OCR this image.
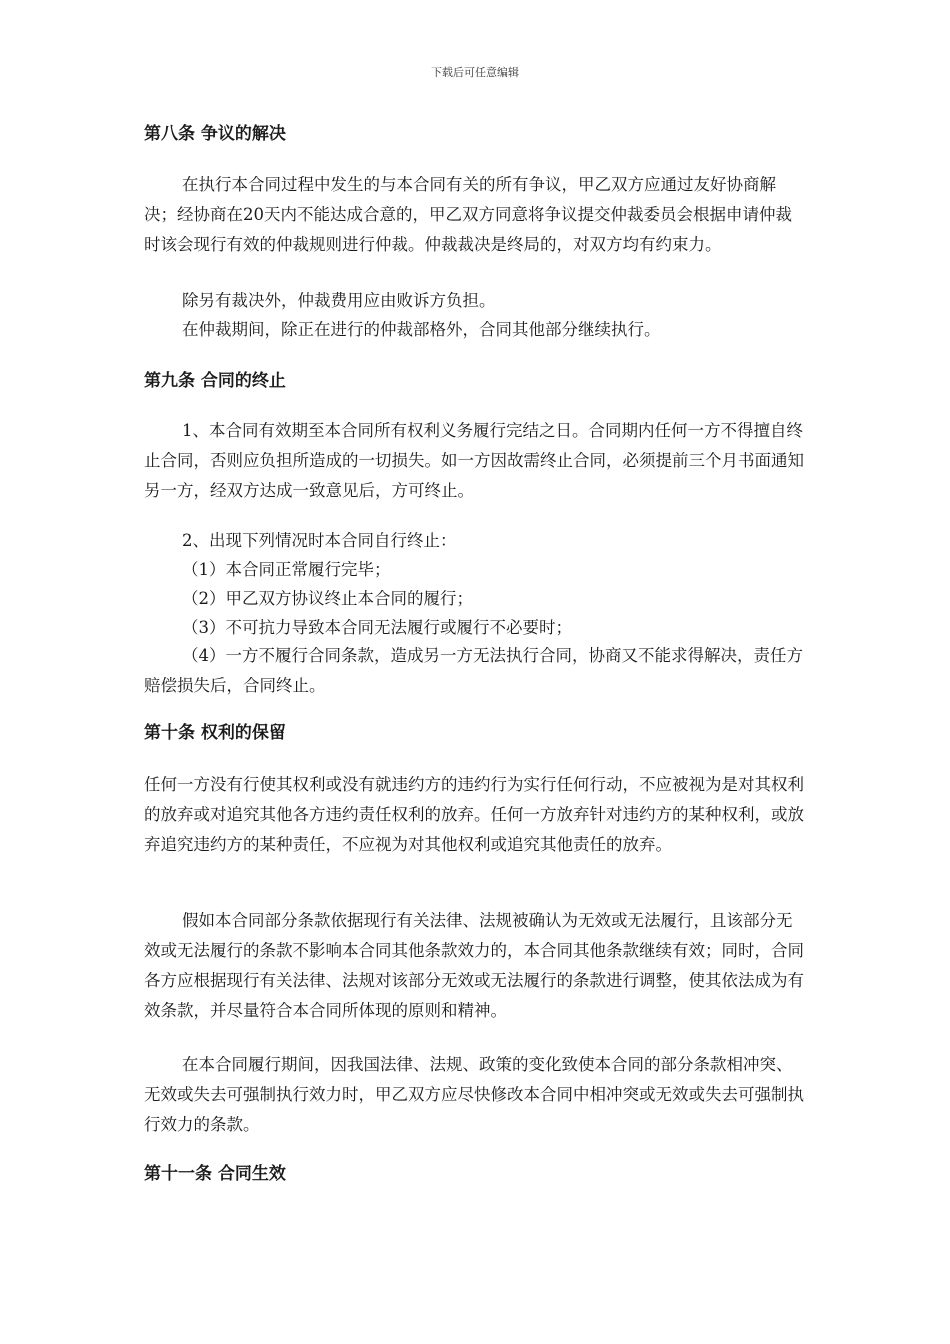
下载后可任意编辑
第八条 争议的解决

在执行本合同过程中发生的与本合同有关的所有争议，甲乙双方应通过友好协商解决；经协商在20天内不能达成合意的，甲乙双方同意将争议提交仲裁委员会根据申请仲裁时该会现行有效的仲裁规则进行仲裁。仲裁裁决是终局的，对双方均有约束力。

除另有裁决外，仲裁费用应由败诉方负担。

在仲裁期间，除正在进行的仲裁部格外，合同其他部分继续执行。

第九条 合同的终止

1、本合同有效期至本合同所有权利义务履行完结之日。合同期内任何一方不得擅自终止合同，否则应负担所造成的一切损失。如一方因故需终止合同，必须提前三个月书面通知另一方，经双方达成一致意见后，方可终止。

2、出现下列情况时本合同自行终止：

（1）本合同正常履行完毕；

（2）甲乙双方协议终止本合同的履行；

（3）不可抗力导致本合同无法履行或履行不必要时；

（4）一方不履行合同条款，造成另一方无法执行合同，协商又不能求得解决，责任方赔偿损失后，合同终止。

第十条 权利的保留

任何一方没有行使其权利或没有就违约方的违约行为实行任何行动，不应被视为是对其权利的放弃或对追究其他各方违约责任权利的放弃。任何一方放弃针对违约方的某种权利，或放弃追究违约方的某种责任，不应视为对其他权利或追究其他责任的放弃。

假如本合同部分条款依据现行有关法律、法规被确认为无效或无法履行，且该部分无效或无法履行的条款不影响本合同其他条款效力的，本合同其他条款继续有效；同时，合同各方应根据现行有关法律、法规对该部分无效或无法履行的条款进行调整，使其依法成为有效条款，并尽量符合本合同所体现的原则和精神。

在本合同履行期间，因我国法律、法规、政策的变化致使本合同的部分条款相冲突、无效或失去可强制执行效力时，甲乙双方应尽快修改本合同中相冲突或无效或失去可强制执行效力的条款。

第十一条 合同生效
